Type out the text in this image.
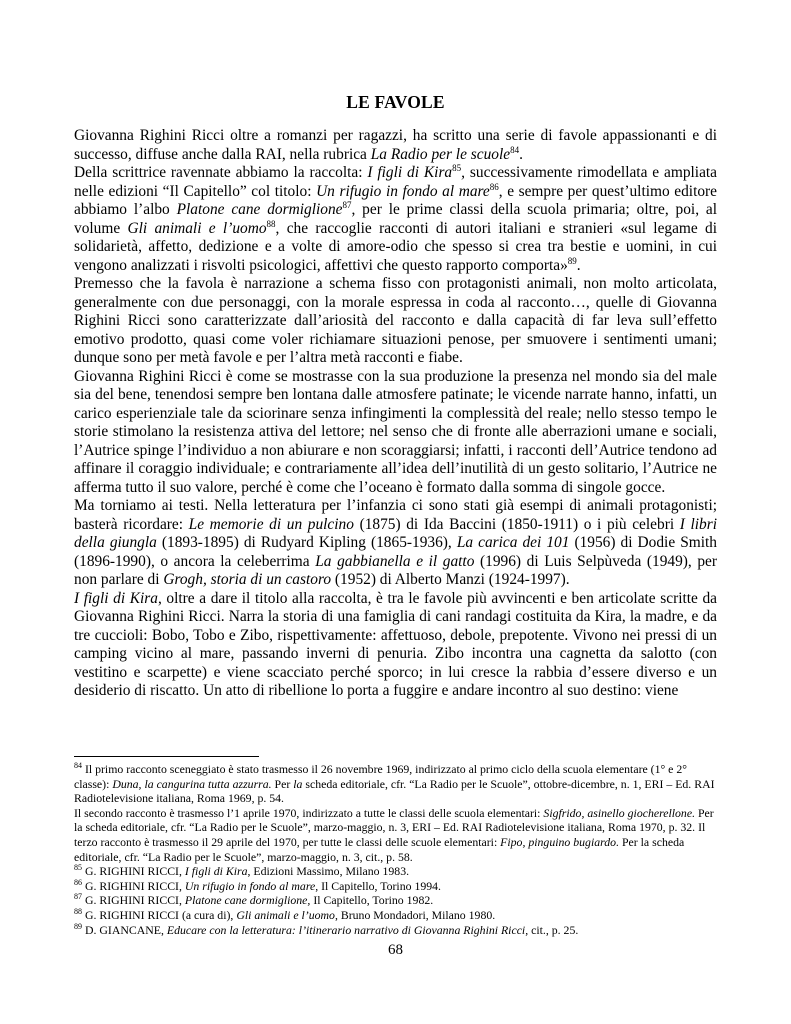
LE FAVOLE

Giovanna Righini Ricci oltre a romanzi per ragazzi, ha scritto una serie di favole appassionanti e di successo, diffuse anche dalla RAI, nella rubrica La Radio per le scuole$^{84}$.

Della scrittrice ravennate abbiamo la raccolta: I figli di Kira$^{85}$, successivamente rimodellata e ampliata nelle edizioni “Il Capitello” col titolo: Un rifugio in fondo al mare$^{86}$, e sempre per quest’ultimo editore abbiamo l’albo Platone cane dormiglione$^{87}$, per le prime classi della scuola primaria; oltre, poi, al volume Gli animali e l’uomo$^{88}$, che raccoglie racconti di autori italiani e stranieri «sul legame di solidarietà, affetto, dedizione e a volte di amore-odio che spesso si crea tra bestie e uomini, in cui vengono analizzati i risvolti psicologici, affettivi che questo rapporto comporta»$^{89}$.

Premesso che la favola è narrazione a schema fisso con protagonisti animali, non molto articolata, generalmente con due personaggi, con la morale espressa in coda al racconto…, quelle di Giovanna Righini Ricci sono caratterizzate dall’ariosità del racconto e dalla capacità di far leva sull’effetto emotivo prodotto, quasi come voler richiamare situazioni penose, per smuovere i sentimenti umani; dunque sono per metà favole e per l’altra metà racconti e fiabe.

Giovanna Righini Ricci è come se mostrasse con la sua produzione la presenza nel mondo sia del male sia del bene, tenendosi sempre ben lontana dalle atmosfere patinate; le vicende narrate hanno, infatti, un carico esperienziale tale da sciorinare senza infingimenti la complessità del reale; nello stesso tempo le storie stimolano la resistenza attiva del lettore; nel senso che di fronte alle aberrazioni umane e sociali, l’Autrice spinge l’individuo a non abiurare e non scoraggiarsi; infatti, i racconti dell’Autrice tendono ad affinare il coraggio individuale; e contrariamente all’idea dell’inutilità di un gesto solitario, l’Autrice ne afferma tutto il suo valore, perché è come che l’oceano è formato dalla somma di singole gocce.

Ma torniamo ai testi. Nella letteratura per l’infanzia ci sono stati già esempi di animali protagonisti; basterà ricordare: Le memorie di un pulcino (1875) di Ida Baccini (1850-1911) o i più celebri I libri della giungla (1893-1895) di Rudyard Kipling (1865-1936), La carica dei 101 (1956) di Dodie Smith (1896-1990), o ancora la celeberrima La gabbianella e il gatto (1996) di Luis Selpùveda (1949), per non parlare di Grogh, storia di un castoro (1952) di Alberto Manzi (1924-1997).

I figli di Kira, oltre a dare il titolo alla raccolta, è tra le favole più avvincenti e ben articolate scritte da Giovanna Righini Ricci. Narra la storia di una famiglia di cani randagi costituita da Kira, la madre, e da tre cuccioli: Bobo, Tobo e Zibo, rispettivamente: affettuoso, debole, prepotente. Vivono nei pressi di un camping vicino al mare, passando inverni di penuria. Zibo incontra una cagnetta da salotto (con vestitino e scarpette) e viene scacciato perché sporco; in lui cresce la rabbia d’essere diverso e un desiderio di riscatto. Un atto di ribellione lo porta a fuggire e andare incontro al suo destino: viene

$^{84}$ Il primo racconto sceneggiato è stato trasmesso il 26 novembre 1969, indirizzato al primo ciclo della scuola elementare (1° e 2° classe): Duna, la cangurina tutta azzurra. Per la scheda editoriale, cfr. “La Radio per le Scuole”, ottobre-dicembre, n. 1, ERI – Ed. RAI Radiotelevisione italiana, Roma 1969, p. 54.

Il secondo racconto è trasmesso l’1 aprile 1970, indirizzato a tutte le classi delle scuola elementari: Sigfrido, asinello giocherellone. Per la scheda editoriale, cfr. “La Radio per le Scuole”, marzo-maggio, n. 3, ERI – Ed. RAI Radiotelevisione italiana, Roma 1970, p. 32. Il terzo racconto è trasmesso il 29 aprile del 1970, per tutte le classi delle scuole elementari: Fipo, pinguino bugiardo. Per la scheda editoriale, cfr. “La Radio per le Scuole”, marzo-maggio, n. 3, cit., p. 58.

$^{85}$ G. RIGHINI RICCI, I figli di Kira, Edizioni Massimo, Milano 1983.

$^{86}$ G. RIGHINI RICCI, Un rifugio in fondo al mare, Il Capitello, Torino 1994.

$^{87}$ G. RIGHINI RICCI, Platone cane dormiglione, Il Capitello, Torino 1982.

$^{88}$ G. RIGHINI RICCI (a cura di), Gli animali e l’uomo, Bruno Mondadori, Milano 1980.

$^{89}$ D. GIANCANE, Educare con la letteratura: l’itinerario narrativo di Giovanna Righini Ricci, cit., p. 25.

68
